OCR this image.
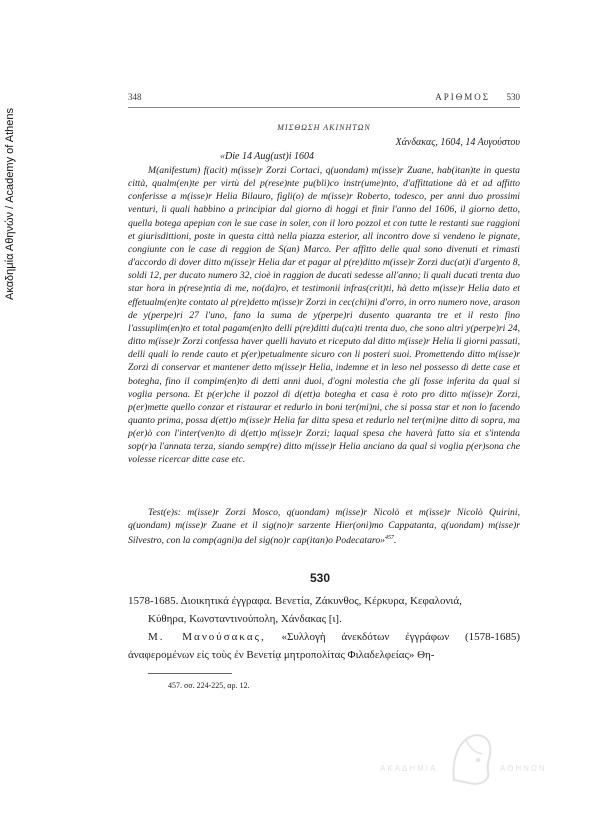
Ακαδημία Αθηνών / Academy of Athens
348	ΑΡΙΘΜΟΣ 530
ΜΙΣΘΩΣΗ ΑΚΙΝΗΤΩΝ
Χάνδακας, 1604, 14 Αυγούστου
«Die 14 Aug(ust)i 1604
M(anifestum) f(acit) m(isse)r Zorzi Cortaci, q(uondam) m(isse)r Zuane, hab(itan)te in questa città, qualm(en)te per virtù del p(rese)nte pu(bli)co instr(ume)nto, d'affittatione dà et ad affitto conferisse a m(isse)r Helia Bilauro, figli(o) de m(isse)r Roberto, todesco, per anni duo prossimi venturi, li quali habbino a principiar dal giorno di hoggi et finir l'anno del 1606, il giorno detto, quella botega apepian con le sue case in soler, con il loro pozzol et con tutte le restanti sue raggioni et giurisdittioni, poste in questa città nella piazza esterior, all incontro dove si vendeno le pignate, congiunte con le case di reggion de S(an) Marco. Per affitto delle qual sono divenuti et rimasti d'accordo di dover ditto m(isse)r Helia dar et pagar al p(re)ditto m(isse)r Zorzi duc(at)i d'argento 8, soldi 12, per ducato numero 32, cioè in raggion de ducati sedesse all'anno; li quali ducati trenta duo star hora in p(rese)ntia di me, no(da)ro, et testimonii infras(crit)ti, hà detto m(isse)r Helia dato et effetualm(en)te contato al p(re)detto m(isse)r Zorzi in cec(chi)ni d'orro, in orro numero nove, arason de y(perpe)ri 27 l'uno, fano la suma de y(perpe)ri dusento quaranta tre et il resto fino l'assuplim(en)to et total pagam(en)to delli p(re)ditti du(ca)ti trenta duo, che sono altri y(perpe)ri 24, ditto m(isse)r Zorzi confessa haver quelli havuto et riceputo dal ditto m(isse)r Helia li giorni passati, delli quali lo rende cauto et p(er)petualmente sicuro con li posteri suoi. Promettendo ditto m(isse)r Zorzi di conservar et mantener detto m(isse)r Helia, indemne et in leso nel possesso di dette case et botegha, fino il compim(en)to di detti anni duoi, d'ogni molestia che gli fosse inferita da qual si voglia persona. Et p(er)che il pozzol di d(ett)a botegha et casa è roto pro ditto m(isse)r Zorzi, p(er)mette quello conzar et ristaurar et redurlo in boni ter(mi)ni, che si possa star et non lo facendo quanto prima, possa d(ett)o m(isse)r Helia far ditta spesa et redurlo nel ter(mi)ne ditto di sopra, ma p(er)ò con l'inter(ven)to di d(ett)o m(isse)r Zorzi; laqual spesa che haverà fatto sia et s'intenda sop(r)a l'annata terza, siando semp(re) ditto m(isse)r Helia anciano da qual si voglia p(er)sona che volesse ricercar ditte case etc.
Test(e)s: m(isse)r Zorzi Mosco, q(uondam) m(isse)r Nicolò et m(isse)r Nicolò Quirini, q(uondam) m(isse)r Zuane et il sig(no)r sarzente Hier(oni)mo Cappatanta, q(uondam) m(isse)r Silvestro, con la comp(agni)a del sig(no)r cap(itan)o Podecataro»$^{457}$.
530
1578-1685. Διοικητικά έγγραφα. Βενετία, Ζάκυνθος, Κέρκυρα, Κεφαλονιά,
Κύθηρα, Κωνσταντινούπολη, Χάνδακας [ι].
Μ. Μανούσακας, «Συλλογὴ ἀνεκδότων ἐγγράφων (1578-1685) ἀναφερομένων εἰς τοὺς ἐν Βενετίᾳ μητροπολίτας Φιλαδελφείας» Θη-
457. σσ. 224-225, αρ. 12.
ΑΚΑΔΗΜΙΑ	ΑΘΗΝΩΝ
